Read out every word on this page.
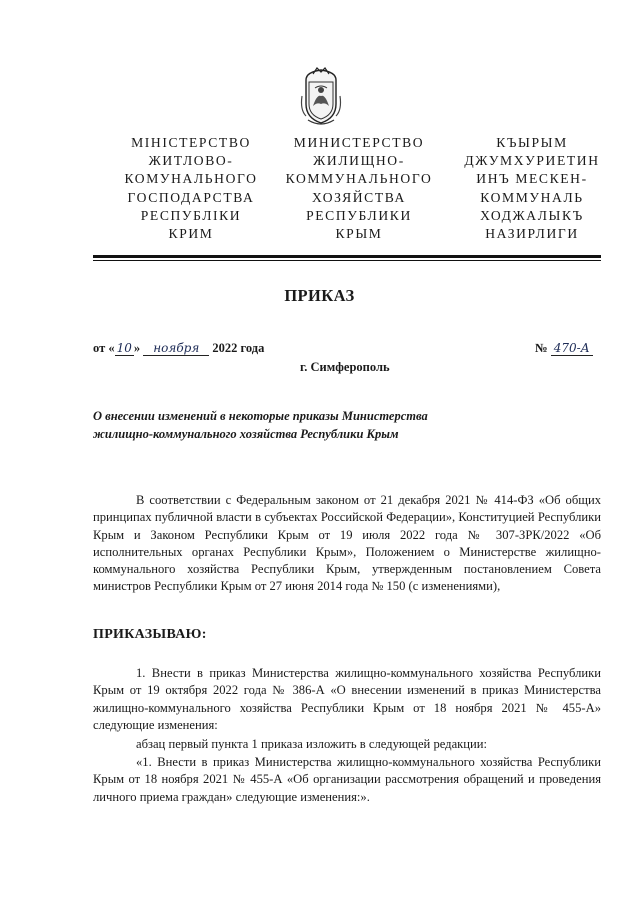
МІНІСТЕРСТВО
ЖИТЛОВО-
КОМУНАЛЬНОГО
ГОСПОДАРСТВА
РЕСПУБЛІКИ
КРИМ
МИНИСТЕРСТВО
ЖИЛИЩНО-
КОММУНАЛЬНОГО
ХОЗЯЙСТВА
РЕСПУБЛИКИ
КРЫМ
КЪЫРЫМ
ДЖУМХУРИЕТИН
ИНЪ МЕСКЕН-
КОММУНАЛЬ
ХОДЖАЛЫКЪ
НАЗИРЛИГИ
ПРИКАЗ
от « 10 » ноября 2022 года	№ 470-А
г. Симферополь
О внесении изменений в некоторые приказы Министерства жилищно-коммунального хозяйства Республики Крым
В соответствии с Федеральным законом от 21 декабря 2021 № 414-ФЗ «Об общих принципах публичной власти в субъектах Российской Федерации», Конституцией Республики Крым и Законом Республики Крым от 19 июля 2022 года № 307-ЗРК/2022 «Об исполнительных органах Республики Крым», Положением о Министерстве жилищно-коммунального хозяйства Республики Крым, утвержденным постановлением Совета министров Республики Крым от 27 июня 2014 года № 150 (с изменениями),
ПРИКАЗЫВАЮ:
1. Внести в приказ Министерства жилищно-коммунального хозяйства Республики Крым от 19 октября 2022 года № 386-А «О внесении изменений в приказ Министерства жилищно-коммунального хозяйства Республики Крым от 18 ноября 2021 № 455-А» следующие изменения:
абзац первый пункта 1 приказа изложить в следующей редакции:
«1. Внести в приказ Министерства жилищно-коммунального хозяйства Республики Крым от 18 ноября 2021 № 455-А «Об организации рассмотрения обращений и проведения личного приема граждан» следующие изменения:».
